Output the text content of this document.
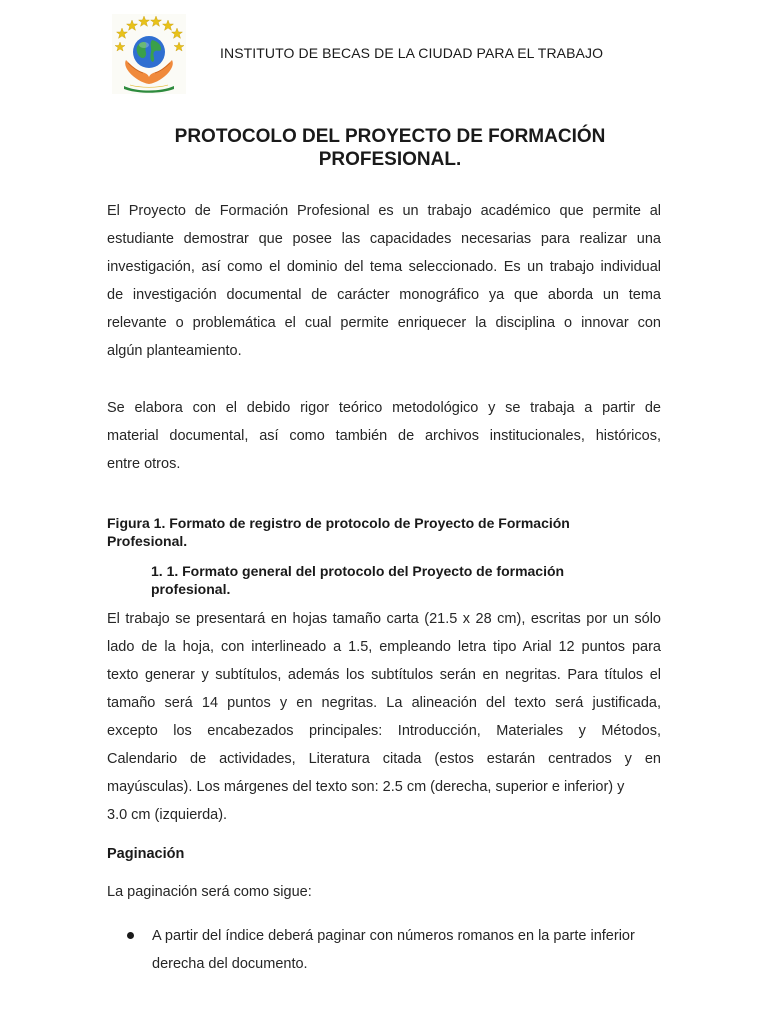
INSTITUTO DE BECAS DE LA CIUDAD PARA EL TRABAJO
PROTOCOLO DEL PROYECTO DE FORMACIÓN
PROFESIONAL.
El Proyecto de Formación Profesional es un trabajo académico que permite al
estudiante demostrar que posee las capacidades necesarias para realizar una
investigación, así como el dominio del tema seleccionado. Es un trabajo individual
de investigación documental de carácter monográfico ya que aborda un tema
relevante o problemática el cual permite enriquecer la disciplina o innovar con
algún planteamiento.
Se elabora con el debido rigor teórico metodológico y se trabaja a partir de
material documental, así como también de archivos institucionales, históricos,
entre otros.
Figura 1. Formato de registro de protocolo de Proyecto de Formación
Profesional.
1. 1. Formato general del protocolo del Proyecto de formación
profesional.
El trabajo se presentará en hojas tamaño carta (21.5 x 28 cm), escritas por un sólo
lado de la hoja, con interlineado a 1.5, empleando letra tipo Arial 12 puntos para
texto generar y subtítulos, además los subtítulos serán en negritas. Para títulos el
tamaño será 14 puntos y en negritas. La alineación del texto será justificada,
excepto los encabezados principales: Introducción, Materiales y Métodos,
Calendario de actividades, Literatura citada (estos estarán centrados y en
mayúsculas). Los márgenes del texto son: 2.5 cm (derecha, superior e inferior) y
3.0 cm (izquierda).
Paginación
La paginación será como sigue:
A partir del índice deberá paginar con números romanos en la parte inferior
derecha del documento.
